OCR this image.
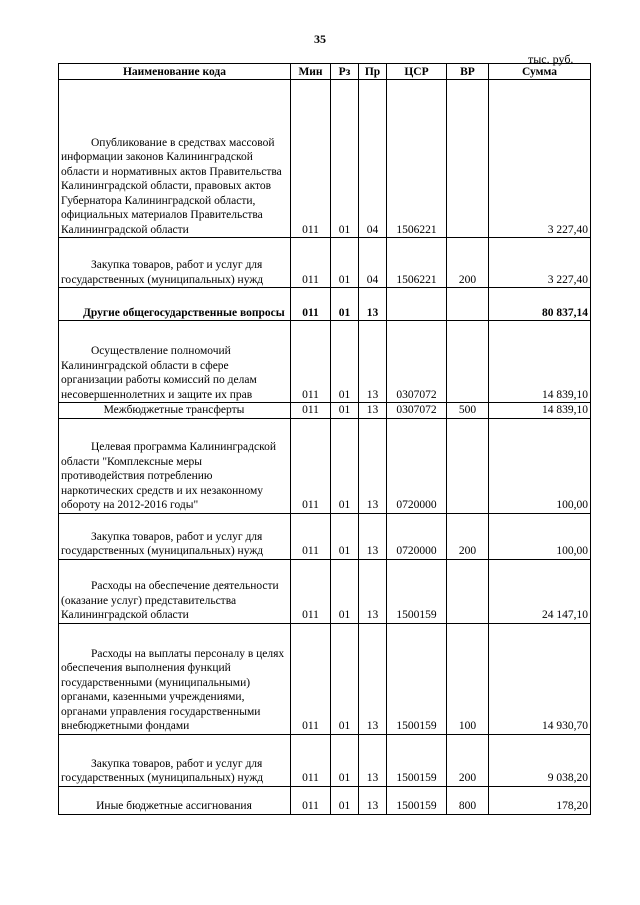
35
тыс. руб.
Наименование кода	Мин	Рз	Пр	ЦСР	ВР	Сумма
Опубликование в средствах массовой информации законов Калининградской области и нормативных актов Правительства Калининградской области, правовых актов Губернатора Калининградской области, официальных материалов Правительства Калининградской области	011	01	04	1506221		3 227,40
Закупка товаров, работ и услуг для государственных (муниципальных) нужд	011	01	04	1506221	200	3 227,40
Другие общегосударственные вопросы	011	01	13			80 837,14
Осуществление полномочий Калининградской области в сфере организации работы комиссий по делам несовершеннолетних и защите их прав	011	01	13	0307072		14 839,10
Межбюджетные трансферты	011	01	13	0307072	500	14 839,10
Целевая программа Калининградской области "Комплексные меры противодействия потреблению наркотических средств и их незаконному обороту на 2012-2016 годы"	011	01	13	0720000		100,00
Закупка товаров, работ и услуг для государственных (муниципальных) нужд	011	01	13	0720000	200	100,00
Расходы на обеспечение деятельности (оказание услуг) представительства Калининградской области	011	01	13	1500159		24 147,10
Расходы на выплаты персоналу в целях обеспечения выполнения функций государственными (муниципальными) органами, казенными учреждениями, органами управления государственными внебюджетными фондами	011	01	13	1500159	100	14 930,70
Закупка товаров, работ и услуг для государственных (муниципальных) нужд	011	01	13	1500159	200	9 038,20
Иные бюджетные ассигнования	011	01	13	1500159	800	178,20
